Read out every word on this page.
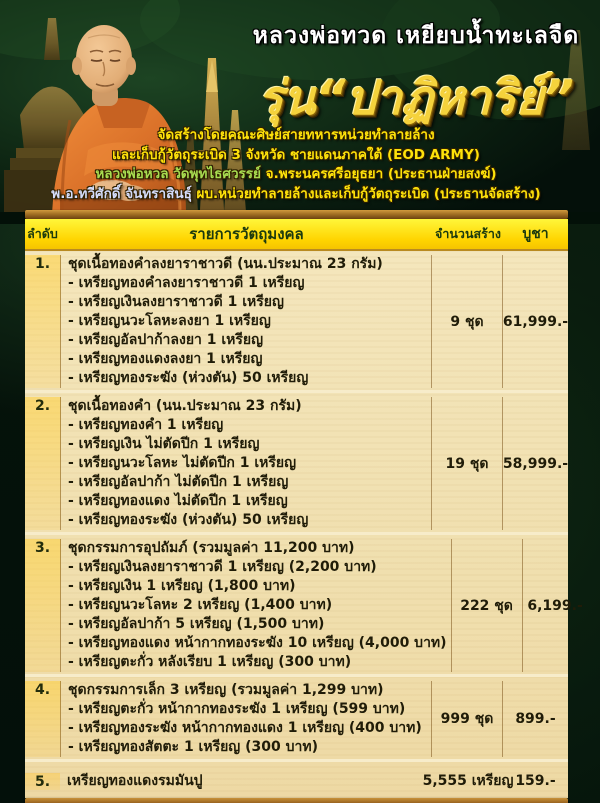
หลวงพ่อทวด เหยียบน้ำทะเลจืด
รุ่น“ปาฏิหาริย์”
จัดสร้างโดยคณะศิษย์สายทหารหน่วยทำลายล้าง
และเก็บกู้วัตถุระเบิด 3 จังหวัด ชายแดนภาคใต้ (EOD ARMY)
หลวงพ่อหวล วัดพุทไธศวรรย์ จ.พระนครศรีอยุธยา (ประธานฝ่ายสงฆ์)
พ.อ.ทวีศักดิ์ จันทราสินธุ์ ผบ.หน่วยทำลายล้างและเก็บกู้วัตถุระเบิด (ประธานจัดสร้าง)
ลำดับ	รายการวัตถุมงคล	จำนวนสร้าง	บูชา
1.	ชุดเนื้อทองคำลงยาราชาวดี (นน.ประมาณ 23 กรัม)
- เหรียญทองคำลงยาราชาวดี 1 เหรียญ
- เหรียญเงินลงยาราชาวดี 1 เหรียญ
- เหรียญนวะโลหะลงยา 1 เหรียญ
- เหรียญอัลปาก้าลงยา 1 เหรียญ
- เหรียญทองแดงลงยา 1 เหรียญ
- เหรียญทองระฆัง (ห่วงตัน) 50 เหรียญ
9 ชุด	61,999.-
2.	ชุดเนื้อทองคำ (นน.ประมาณ 23 กรัม)
- เหรียญทองคำ 1 เหรียญ
- เหรียญเงิน ไม่ตัดปีก 1 เหรียญ
- เหรียญนวะโลหะ ไม่ตัดปีก 1 เหรียญ
- เหรียญอัลปาก้า ไม่ตัดปีก 1 เหรียญ
- เหรียญทองแดง ไม่ตัดปีก 1 เหรียญ
- เหรียญทองระฆัง (ห่วงตัน) 50 เหรียญ
19 ชุด	58,999.-
3.	ชุดกรรมการอุปถัมภ์ (รวมมูลค่า 11,200 บาท)
- เหรียญเงินลงยาราชาวดี 1 เหรียญ (2,200 บาท)
- เหรียญเงิน 1 เหรียญ (1,800 บาท)
- เหรียญนวะโลหะ 2 เหรียญ (1,400 บาท)
- เหรียญอัลปาก้า 5 เหรียญ (1,500 บาท)
- เหรียญทองแดง หน้ากากทองระฆัง 10 เหรียญ (4,000 บาท)
- เหรียญตะกั่ว หลังเรียบ 1 เหรียญ (300 บาท)
222 ชุด	6,199.-
4.	ชุดกรรมการเล็ก 3 เหรียญ (รวมมูลค่า 1,299 บาท)
- เหรียญตะกั่ว หน้ากากทองระฆัง 1 เหรียญ (599 บาท)
- เหรียญทองระฆัง หน้ากากทองแดง 1 เหรียญ (400 บาท)
- เหรียญทองสัตตะ 1 เหรียญ (300 บาท)
999 ชุด	899.-
5.	เหรียญทองแดงรมมันปู	5,555 เหรียญ 159.-
